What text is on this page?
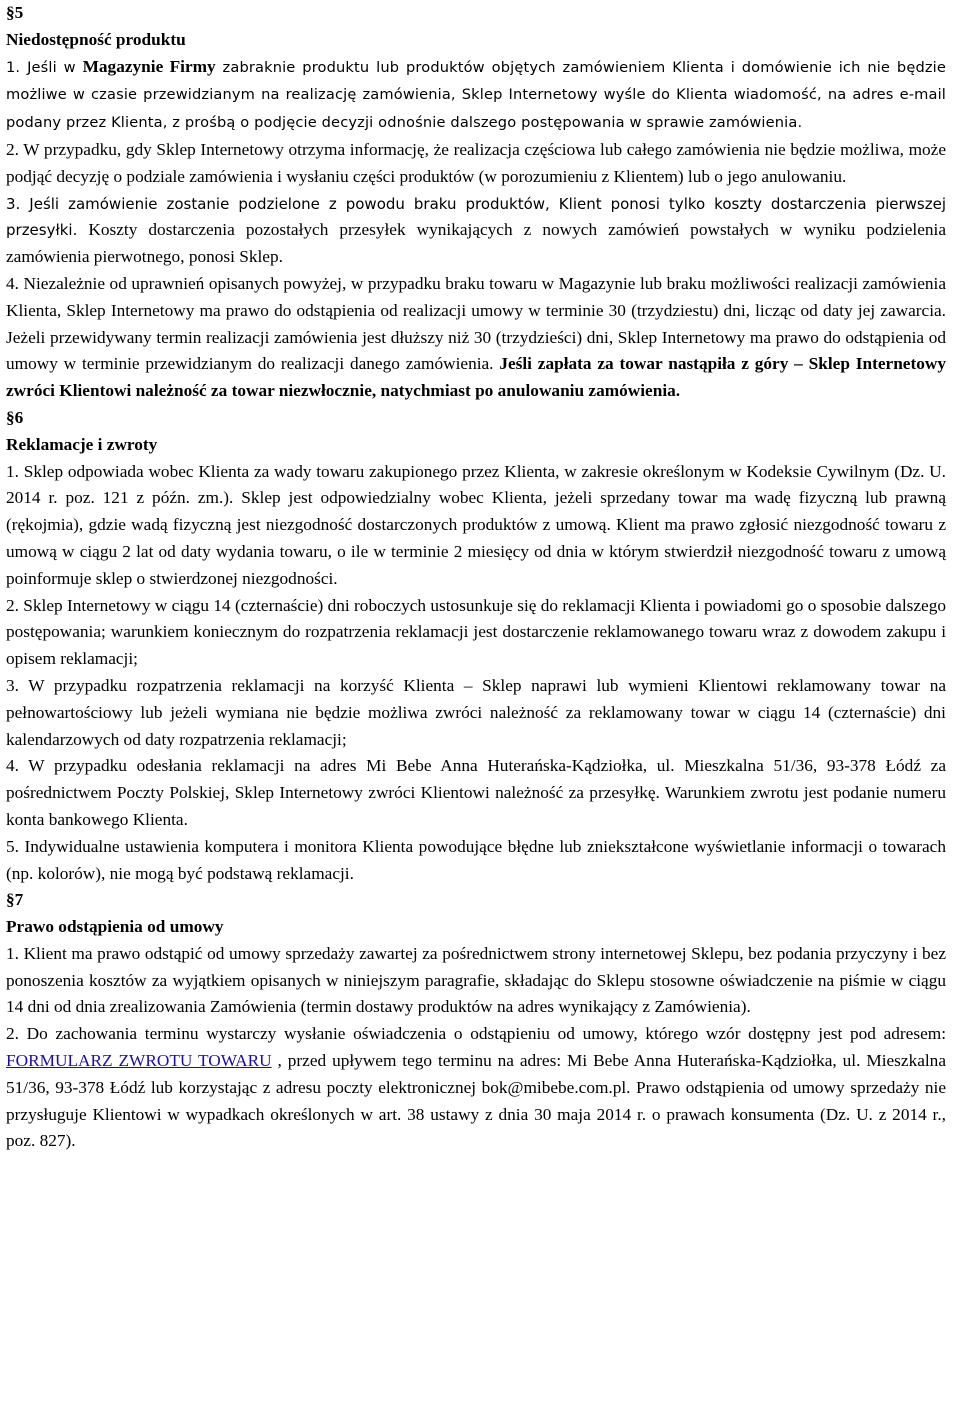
§5
Niedostępność produktu

1. Jeśli w Magazynie Firmy zabraknie produktu lub produktów objętych zamówieniem Klienta i domówienie ich nie będzie możliwe w czasie przewidzianym na realizację zamówienia, Sklep Internetowy wyśle do Klienta wiadomość, na adres e-mail podany przez Klienta, z prośbą o podjęcie decyzji odnośnie dalszego postępowania w sprawie zamówienia.

2. W przypadku, gdy Sklep Internetowy otrzyma informację, że realizacja częściowa lub całego zamówienia nie będzie możliwa, może podjąć decyzję o podziale zamówienia i wysłaniu części produktów (w porozumieniu z Klientem) lub o jego anulowaniu.

3. Jeśli zamówienie zostanie podzielone z powodu braku produktów, Klient ponosi tylko koszty dostarczenia pierwszej przesyłki. Koszty dostarczenia pozostałych przesyłek wynikających z nowych zamówień powstałych w wyniku podzielenia zamówienia pierwotnego, ponosi Sklep.

4. Niezależnie od uprawnień opisanych powyżej, w przypadku braku towaru w Magazynie lub braku możliwości realizacji zamówienia Klienta, Sklep Internetowy ma prawo do odstąpienia od realizacji umowy w terminie 30 (trzydziestu) dni, licząc od daty jej zawarcia. Jeżeli przewidywany termin realizacji zamówienia jest dłuższy niż 30 (trzydzieści) dni, Sklep Internetowy ma prawo do odstąpienia od umowy w terminie przewidzianym do realizacji danego zamówienia. Jeśli zapłata za towar nastąpiła z góry – Sklep Internetowy zwróci Klientowi należność za towar niezwłocznie, natychmiast po anulowaniu zamówienia.

§6
Reklamacje i zwroty

1. Sklep odpowiada wobec Klienta za wady towaru zakupionego przez Klienta, w zakresie określonym w Kodeksie Cywilnym (Dz. U. 2014 r. poz. 121 z późn. zm.). Sklep jest odpowiedzialny wobec Klienta, jeżeli sprzedany towar ma wadę fizyczną lub prawną (rękojmia), gdzie wadą fizyczną jest niezgodność dostarczonych produktów z umową. Klient ma prawo zgłosić niezgodność towaru z umową w ciągu 2 lat od daty wydania towaru, o ile w terminie 2 miesięcy od dnia w którym stwierdził niezgodność towaru z umową poinformuje sklep o stwierdzonej niezgodności.

2. Sklep Internetowy w ciągu 14 (czternaście) dni roboczych ustosunkuje się do reklamacji Klienta i powiadomi go o sposobie dalszego postępowania; warunkiem koniecznym do rozpatrzenia reklamacji jest dostarczenie reklamowanego towaru wraz z dowodem zakupu i opisem reklamacji;

3. W przypadku rozpatrzenia reklamacji na korzyść Klienta – Sklep naprawi lub wymieni Klientowi reklamowany towar na pełnowartościowy lub jeżeli wymiana nie będzie możliwa zwróci należność za reklamowany towar w ciągu 14 (czternaście) dni kalendarzowych od daty rozpatrzenia reklamacji;

4. W przypadku odesłania reklamacji na adres Mi Bebe Anna Huterańska-Kądziołka, ul. Mieszkalna 51/36, 93-378 Łódź za pośrednictwem Poczty Polskiej, Sklep Internetowy zwróci Klientowi należność za przesyłkę. Warunkiem zwrotu jest podanie numeru konta bankowego Klienta.

5. Indywidualne ustawienia komputera i monitora Klienta powodujące błędne lub zniekształcone wyświetlanie informacji o towarach (np. kolorów), nie mogą być podstawą reklamacji.

§7
Prawo odstąpienia od umowy

1. Klient ma prawo odstąpić od umowy sprzedaży zawartej za pośrednictwem strony internetowej Sklepu, bez podania przyczyny i bez ponoszenia kosztów za wyjątkiem opisanych w niniejszym paragrafie, składając do Sklepu stosowne oświadczenie na piśmie w ciągu 14 dni od dnia zrealizowania Zamówienia (termin dostawy produktów na adres wynikający z Zamówienia).

2. Do zachowania terminu wystarczy wysłanie oświadczenia o odstąpieniu od umowy, którego wzór dostępny jest pod adresem: FORMULARZ ZWROTU TOWARU , przed upływem tego terminu na adres: Mi Bebe Anna Huterańska-Kądziołka, ul. Mieszkalna 51/36, 93-378 Łódź lub korzystając z adresu poczty elektronicznej bok@mibebe.com.pl. Prawo odstąpienia od umowy sprzedaży nie przysługuje Klientowi w wypadkach określonych w art. 38 ustawy z dnia 30 maja 2014 r. o prawach konsumenta (Dz. U. z 2014 r., poz. 827).
